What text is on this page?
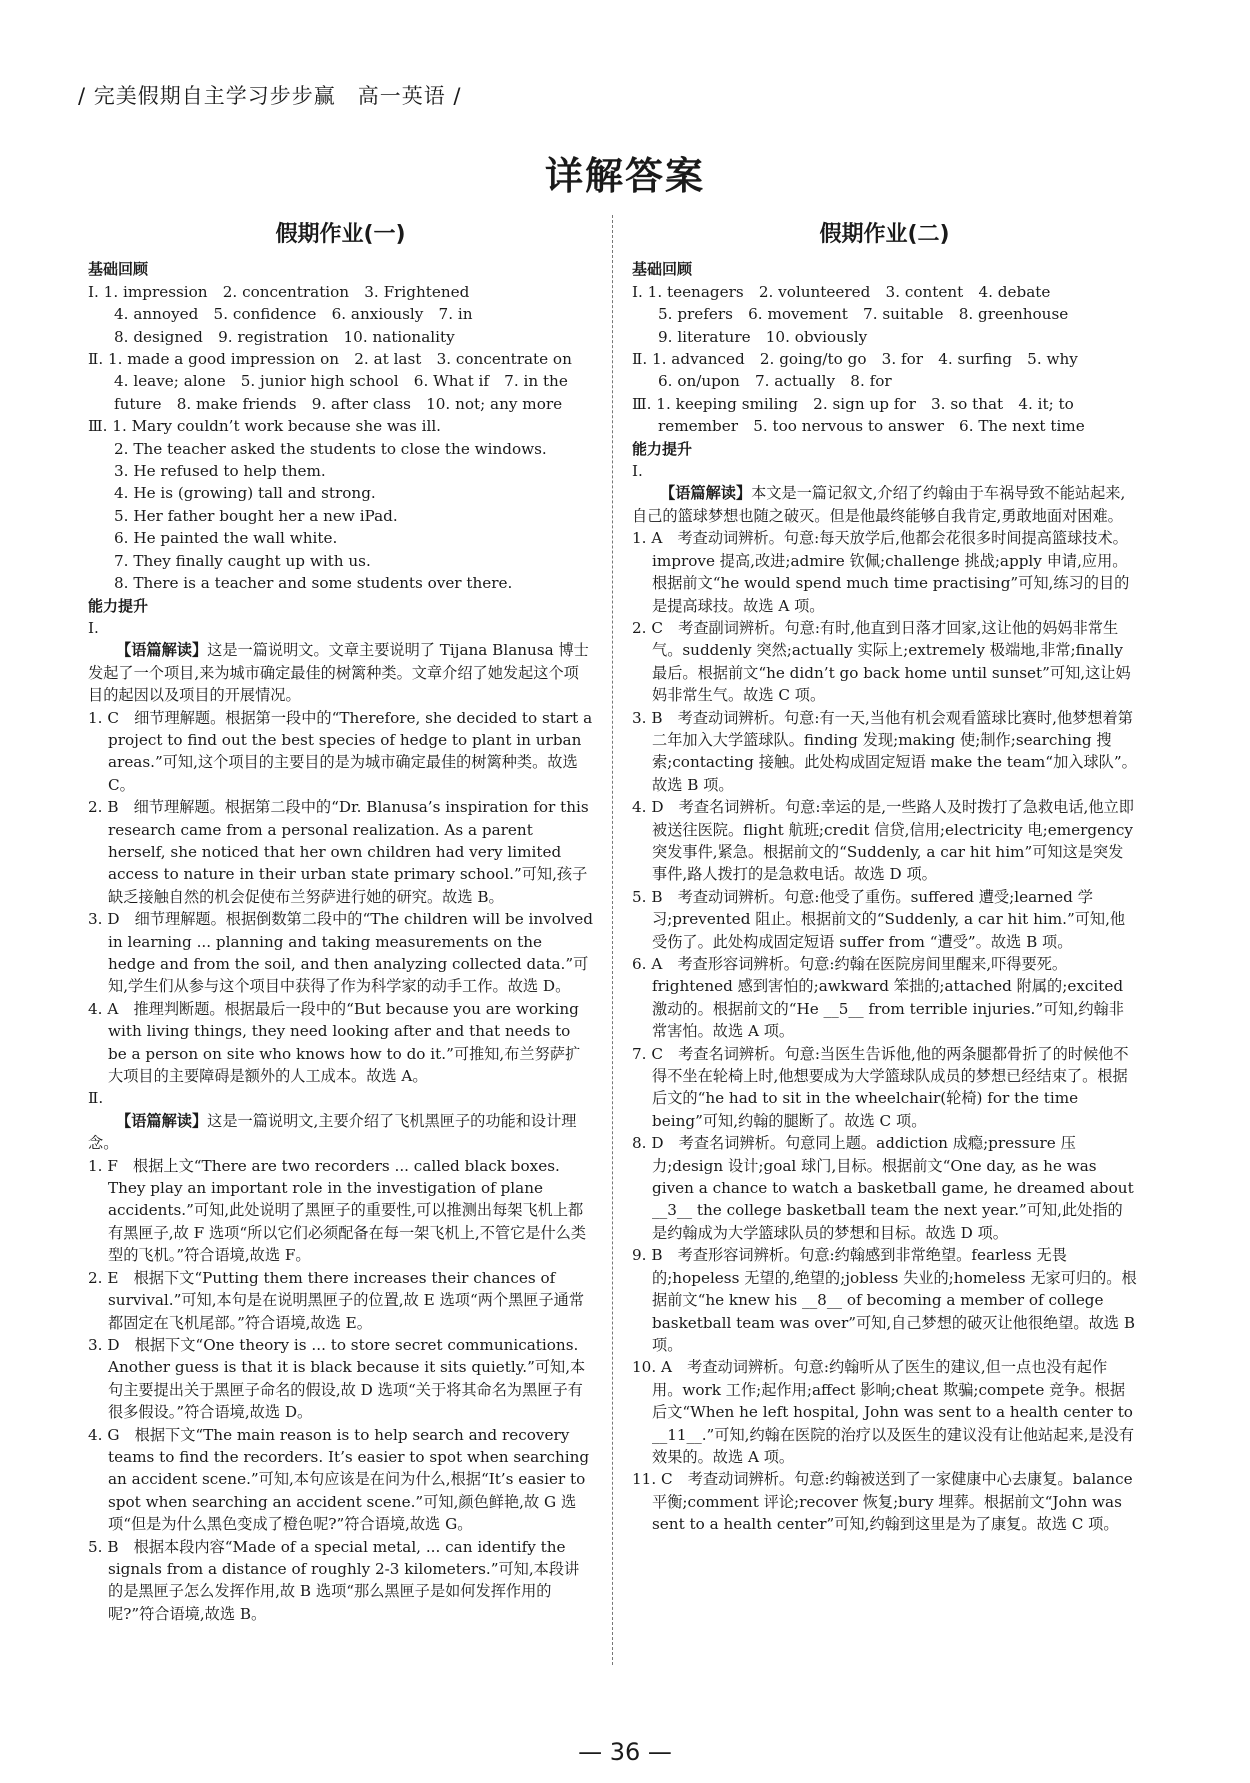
/ 完美假期自主学习步步赢　高一英语 /
详解答案
假期作业(一)
基础回顾

Ⅰ. 1. impression　2. concentration　3. Frightened

4. annoyed　5. confidence　6. anxiously　7. in

8. designed　9. registration　10. nationality

Ⅱ. 1. made a good impression on　2. at last　3. concentrate on

4. leave; alone　5. junior high school　6. What if　7. in the

future　8. make friends　9. after class　10. not; any more

Ⅲ. 1. Mary couldn’t work because she was ill.

2. The teacher asked the students to close the windows.

3. He refused to help them.

4. He is (growing) tall and strong.

5. Her father bought her a new iPad.

6. He painted the wall white.

7. They finally caught up with us.

8. There is a teacher and some students over there.

能力提升
Ⅰ.

【语篇解读】这是一篇说明文。文章主要说明了 Tijana Blanusa 博士发起了一个项目,来为城市确定最佳的树篱种类。文章介绍了她发起这个项目的起因以及项目的开展情况。

1. C　细节理解题。根据第一段中的“Therefore, she decided to start a project to find out the best species of hedge to plant in urban areas.”可知,这个项目的主要目的是为城市确定最佳的树篱种类。故选 C。

2. B　细节理解题。根据第二段中的“Dr. Blanusa’s inspiration for this research came from a personal realization. As a parent herself, she noticed that her own children had very limited access to nature in their urban state primary school.”可知,孩子缺乏接触自然的机会促使布兰努萨进行她的研究。故选 B。

3. D　细节理解题。根据倒数第二段中的“The children will be involved in learning ... planning and taking measurements on the hedge and from the soil, and then analyzing collected data.”可知,学生们从参与这个项目中获得了作为科学家的动手工作。故选 D。

4. A　推理判断题。根据最后一段中的“But because you are working with living things, they need looking after and that needs to be a person on site who knows how to do it.”可推知,布兰努萨扩大项目的主要障碍是额外的人工成本。故选 A。

Ⅱ.

【语篇解读】这是一篇说明文,主要介绍了飞机黑匣子的功能和设计理念。

1. F　根据上文“There are two recorders ... called black boxes. They play an important role in the investigation of plane accidents.”可知,此处说明了黑匣子的重要性,可以推测出每架飞机上都有黑匣子,故 F 选项“所以它们必须配备在每一架飞机上,不管它是什么类型的飞机。”符合语境,故选 F。

2. E　根据下文“Putting them there increases their chances of survival.”可知,本句是在说明黑匣子的位置,故 E 选项“两个黑匣子通常都固定在飞机尾部。”符合语境,故选 E。

3. D　根据下文“One theory is ... to store secret communications. Another guess is that it is black because it sits quietly.”可知,本句主要提出关于黑匣子命名的假设,故 D 选项“关于将其命名为黑匣子有很多假设。”符合语境,故选 D。

4. G　根据下文“The main reason is to help search and recovery teams to find the recorders. It’s easier to spot when searching an accident scene.”可知,本句应该是在问为什么,根据“It’s easier to spot when searching an accident scene.”可知,颜色鲜艳,故 G 选项“但是为什么黑色变成了橙色呢?”符合语境,故选 G。

5. B　根据本段内容“Made of a special metal, ... can identify the signals from a distance of roughly 2-3 kilometers.”可知,本段讲的是黑匣子怎么发挥作用,故 B 选项“那么黑匣子是如何发挥作用的呢?”符合语境,故选 B。

假期作业(二)
基础回顾

Ⅰ. 1. teenagers　2. volunteered　3. content　4. debate

5. prefers　6. movement　7. suitable　8. greenhouse

9. literature　10. obviously

Ⅱ. 1. advanced　2. going/to go　3. for　4. surfing　5. why

6. on/upon　7. actually　8. for

Ⅲ. 1. keeping smiling　2. sign up for　3. so that　4. it; to

remember　5. too nervous to answer　6. The next time

能力提升
Ⅰ.

【语篇解读】本文是一篇记叙文,介绍了约翰由于车祸导致不能站起来,自己的篮球梦想也随之破灭。但是他最终能够自我肯定,勇敢地面对困难。

1. A　考查动词辨析。句意:每天放学后,他都会花很多时间提高篮球技术。improve 提高,改进;admire 钦佩;challenge 挑战;apply 申请,应用。根据前文“he would spend much time practising”可知,练习的目的是提高球技。故选 A 项。

2. C　考查副词辨析。句意:有时,他直到日落才回家,这让他的妈妈非常生气。suddenly 突然;actually 实际上;extremely 极端地,非常;finally 最后。根据前文“he didn’t go back home until sunset”可知,这让妈妈非常生气。故选 C 项。

3. B　考查动词辨析。句意:有一天,当他有机会观看篮球比赛时,他梦想着第二年加入大学篮球队。finding 发现;making 使;制作;searching 搜索;contacting 接触。此处构成固定短语 make the team“加入球队”。故选 B 项。

4. D　考查名词辨析。句意:幸运的是,一些路人及时拨打了急救电话,他立即被送往医院。flight 航班;credit 信贷,信用;electricity 电;emergency 突发事件,紧急。根据前文的“Suddenly, a car hit him”可知这是突发事件,路人拨打的是急救电话。故选 D 项。

5. B　考查动词辨析。句意:他受了重伤。suffered 遭受;learned 学习;prevented 阻止。根据前文的“Suddenly, a car hit him.”可知,他受伤了。此处构成固定短语 suffer from “遭受”。故选 B 项。

6. A　考查形容词辨析。句意:约翰在医院房间里醒来,吓得要死。frightened 感到害怕的;awkward 笨拙的;attached 附属的;excited 激动的。根据前文的“He __5__ from terrible injuries.”可知,约翰非常害怕。故选 A 项。

7. C　考查名词辨析。句意:当医生告诉他,他的两条腿都骨折了的时候他不得不坐在轮椅上时,他想要成为大学篮球队成员的梦想已经结束了。根据后文的“he had to sit in the wheelchair(轮椅) for the time being”可知,约翰的腿断了。故选 C 项。

8. D　考查名词辨析。句意同上题。addiction 成瘾;pressure 压力;design 设计;goal 球门,目标。根据前文“One day, as he was given a chance to watch a basketball game, he dreamed about __3__ the college basketball team the next year.”可知,此处指的是约翰成为大学篮球队员的梦想和目标。故选 D 项。

9. B　考查形容词辨析。句意:约翰感到非常绝望。fearless 无畏的;hopeless 无望的,绝望的;jobless 失业的;homeless 无家可归的。根据前文“he knew his __8__ of becoming a member of college basketball team was over”可知,自己梦想的破灭让他很绝望。故选 B 项。

10. A　考查动词辨析。句意:约翰听从了医生的建议,但一点也没有起作用。work 工作;起作用;affect 影响;cheat 欺骗;compete 竞争。根据后文“When he left hospital, John was sent to a health center to __11__.”可知,约翰在医院的治疗以及医生的建议没有让他站起来,是没有效果的。故选 A 项。

11. C　考查动词辨析。句意:约翰被送到了一家健康中心去康复。balance 平衡;comment 评论;recover 恢复;bury 埋葬。根据前文“John was sent to a health center”可知,约翰到这里是为了康复。故选 C 项。

— 36 —
